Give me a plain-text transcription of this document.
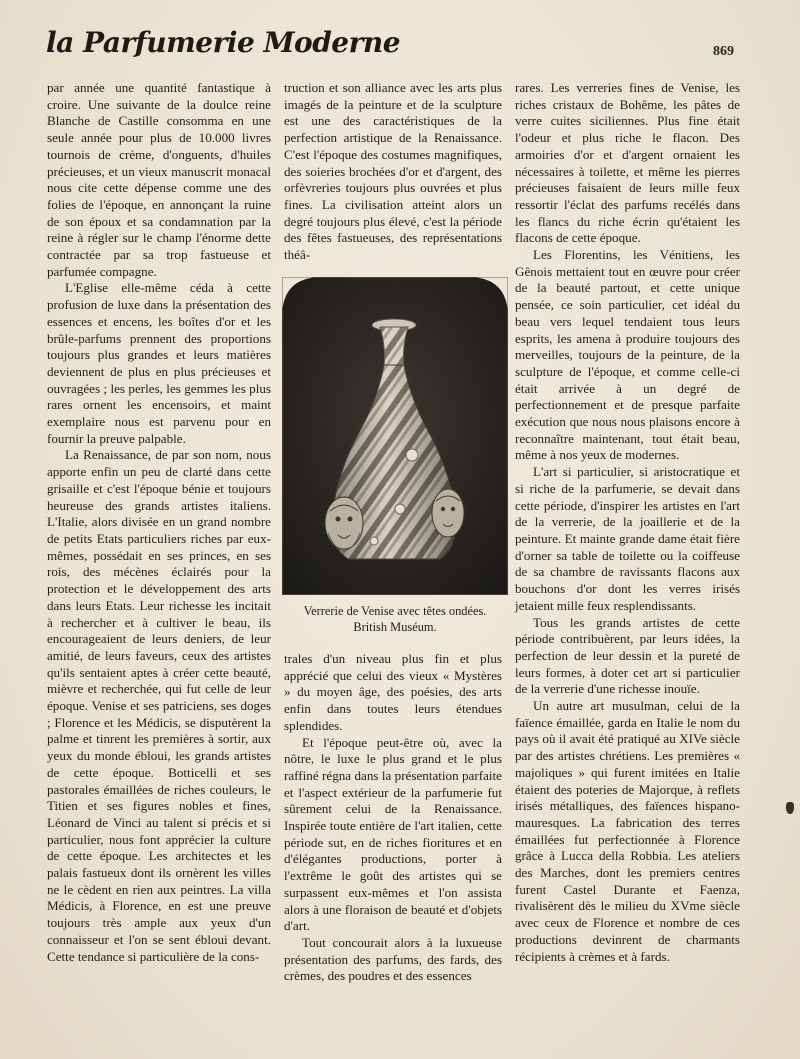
la Parfumerie Moderne	869

par année une quantité fantastique à croire. Une suivante de la doulce reine Blanche de Castille consomma en une seule année pour plus de 10.000 livres tournois de crème, d'onguents, d'huiles précieuses, et un vieux manuscrit monacal nous cite cette dépense comme une des folies de l'époque, en annonçant la ruine de son époux et sa condamnation par la reine à régler sur le champ l'énorme dette contractée par sa trop fastueuse et parfumée compagne.

L'Eglise elle-même céda à cette profusion de luxe dans la présentation des essences et encens, les boîtes d'or et les brûle-parfums prennent des proportions toujours plus grandes et leurs matières deviennent de plus en plus précieuses et ouvragées ; les perles, les gemmes les plus rares ornent les encensoirs, et maint exemplaire nous est parvenu pour en fournir la preuve palpable.

La Renaissance, de par son nom, nous apporte enfin un peu de clarté dans cette grisaille et c'est l'époque bénie et toujours heureuse des grands artistes italiens. L'Italie, alors divisée en un grand nombre de petits Etats particuliers riches par eux-mêmes, possédait en ses princes, en ses rois, des mécènes éclairés pour la protection et le développement des arts dans leurs Etats. Leur richesse les incitait à rechercher et à cultiver le beau, ils encourageaient de leurs deniers, de leur amitié, de leurs faveurs, ceux des artistes qu'ils sentaient aptes à créer cette beauté, mièvre et recherchée, qui fut celle de leur époque. Venise et ses patriciens, ses doges ; Florence et les Médicis, se disputèrent la palme et tinrent les premières à sortir, aux yeux du monde ébloui, les grands artistes de cette époque. Botticelli et ses pastorales émaillées de riches couleurs, le Titien et ses figures nobles et fines, Léonard de Vinci au talent si précis et si particulier, nous font apprécier la culture de cette époque. Les architectes et les palais fastueux dont ils ornèrent les villes ne le cèdent en rien aux peintres. La villa Médicis, à Florence, en est une preuve toujours très ample aux yeux d'un connaisseur et l'on se sent ébloui devant. Cette tendance si particulière de la cons-

truction et son alliance avec les arts plus imagés de la peinture et de la sculpture est une des caractéristiques de la perfection artistique de la Renaissance. C'est l'époque des costumes magnifiques, des soieries brochées d'or et d'argent, des orfèvreries toujours plus ouvrées et plus fines. La civilisation atteint alors un degré toujours plus élevé, c'est la période des fêtes fastueuses, des représentations théâ-

Verrerie de Venise avec têtes ondées.
British Muséum.

trales d'un niveau plus fin et plus apprécié que celui des vieux « Mystères » du moyen âge, des poésies, des arts enfin dans toutes leurs étendues splendides.

Et l'époque peut-être où, avec la nôtre, le luxe le plus grand et le plus raffiné régna dans la présentation parfaite et l'aspect extérieur de la parfumerie fut sûrement celui de la Renaissance. Inspirée toute entière de l'art italien, cette période sut, en de riches fioritures et en d'élégantes productions, porter à l'extrême le goût des artistes qui se surpassent eux-mêmes et l'on assista alors à une floraison de beauté et d'objets d'art.

Tout concourait alors à la luxueuse présentation des parfums, des fards, des crèmes, des poudres et des essences

rares. Les verreries fines de Venise, les riches cristaux de Bohême, les pâtes de verre cuites siciliennes. Plus fine était l'odeur et plus riche le flacon. Des armoiries d'or et d'argent ornaient les nécessaires à toilette, et même les pierres précieuses faisaient de leurs mille feux ressortir l'éclat des parfums recélés dans les flancs du riche écrin qu'étaient les flacons de cette époque.

Les Florentins, les Vénitiens, les Gênois mettaient tout en œuvre pour créer de la beauté partout, et cette unique pensée, ce soin particulier, cet idéal du beau vers lequel tendaient tous leurs esprits, les amena à produire toujours des merveilles, toujours de la peinture, de la sculpture de l'époque, et comme celle-ci était arrivée à un degré de perfectionnement et de presque parfaite exécution que nous nous plaisons encore à reconnaître maintenant, tout était beau, même à nos yeux de modernes.

L'art si particulier, si aristocratique et si riche de la parfumerie, se devait dans cette période, d'inspirer les artistes en l'art de la verrerie, de la joaillerie et de la peinture. Et mainte grande dame était fière d'orner sa table de toilette ou la coiffeuse de sa chambre de ravissants flacons aux bouchons d'or dont les verres irisés jetaient mille feux resplendissants.

Tous les grands artistes de cette période contribuèrent, par leurs idées, la perfection de leur dessin et la pureté de leurs formes, à doter cet art si particulier de la verrerie d'une richesse inouïe.

Un autre art musulman, celui de la faïence émaillée, garda en Italie le nom du pays où il avait été pratiqué au XIVe siècle par des artistes chrétiens. Les premières « majoliques » qui furent imitées en Italie étaient des poteries de Majorque, à reflets irisés métalliques, des faïences hispano-mauresques. La fabrication des terres émaillées fut perfectionnée à Florence grâce à Lucca della Robbia. Les ateliers des Marches, dont les premiers centres furent Castel Durante et Faenza, rivalisèrent dès le milieu du XVme siècle avec ceux de Florence et nombre de ces productions devinrent de charmants récipients à crèmes et à fards.
